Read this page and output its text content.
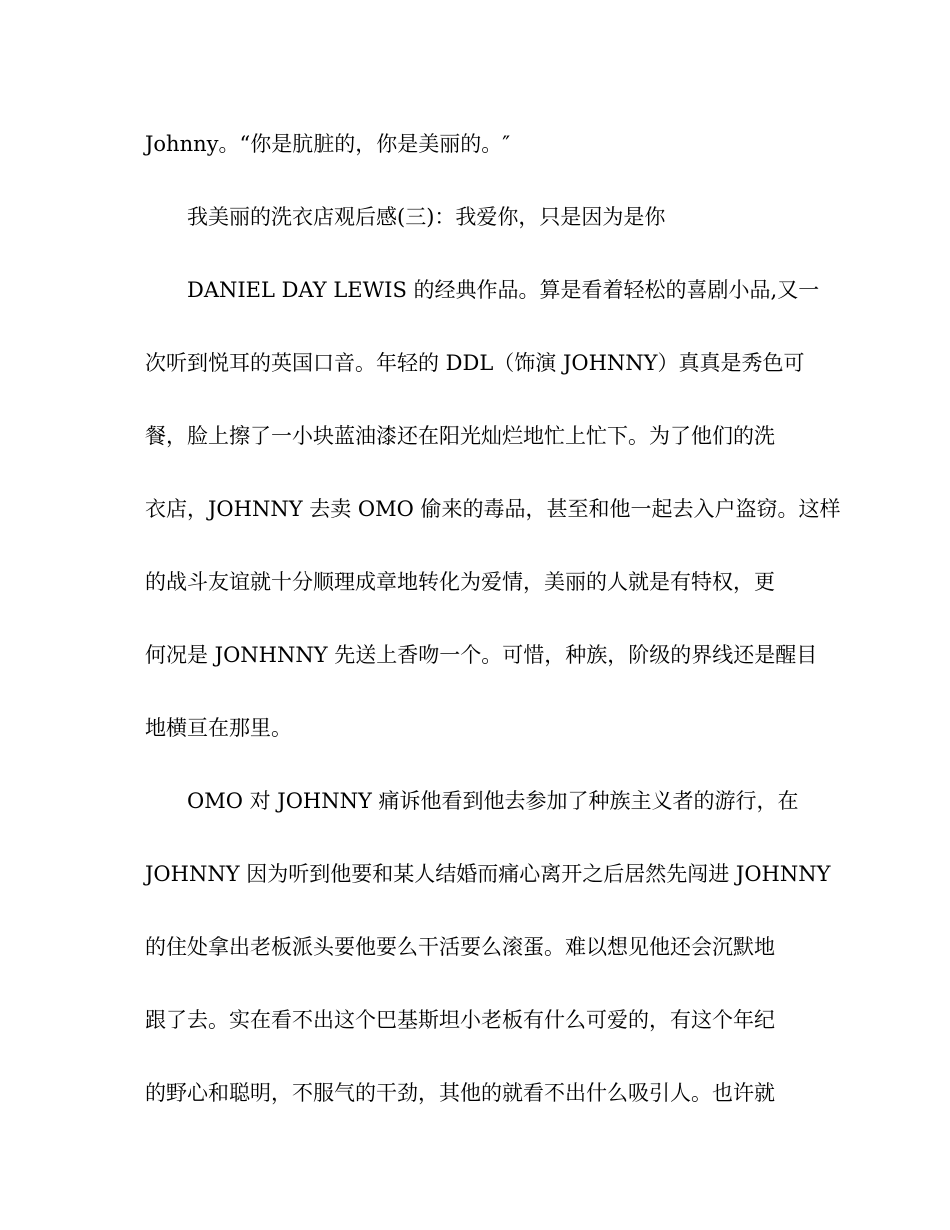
Johnny。“你是肮脏的，你是美丽的。″
我美丽的洗衣店观后感(三)：我爱你，只是因为是你
DANIEL DAY LEWIS 的经典作品。算是看着轻松的喜剧小品,又一
次听到悦耳的英国口音。年轻的 DDL（饰演 JOHNNY）真真是秀色可
餐，脸上擦了一小块蓝油漆还在阳光灿烂地忙上忙下。为了他们的洗
衣店，JOHNNY 去卖 OMO 偷来的毒品，甚至和他一起去入户盗窃。这样
的战斗友谊就十分顺理成章地转化为爱情，美丽的人就是有特权，更
何况是 JONHNNY 先送上香吻一个。可惜，种族，阶级的界线还是醒目
地横亘在那里。
OMO 对 JOHNNY 痛诉他看到他去参加了种族主义者的游行，在
JOHNNY 因为听到他要和某人结婚而痛心离开之后居然先闯进 JOHNNY
的住处拿出老板派头要他要么干活要么滚蛋。难以想见他还会沉默地
跟了去。实在看不出这个巴基斯坦小老板有什么可爱的，有这个年纪
的野心和聪明，不服气的干劲，其他的就看不出什么吸引人。也许就
